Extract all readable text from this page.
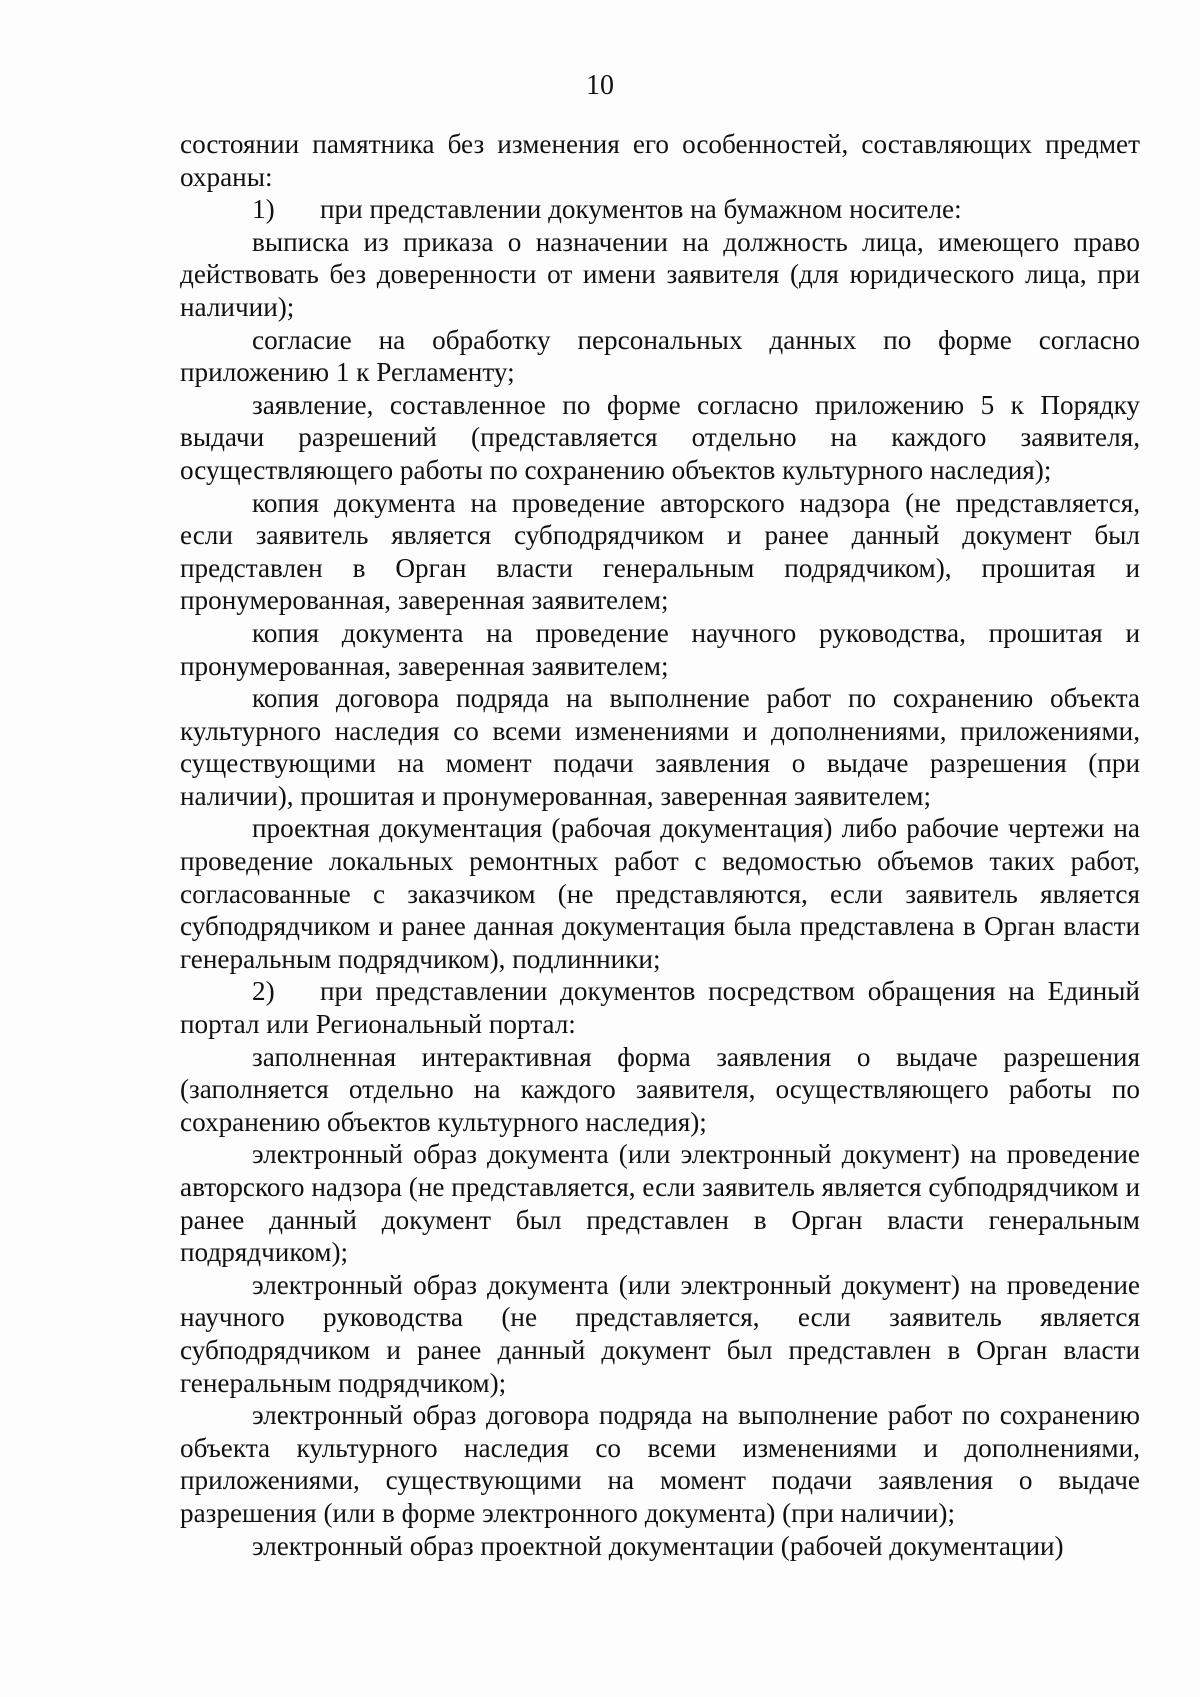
10

состоянии памятника без изменения его особенностей, составляющих предмет охраны:

1) при представлении документов на бумажном носителе:

выписка из приказа о назначении на должность лица, имеющего право действовать без доверенности от имени заявителя (для юридического лица, при наличии);

согласие на обработку персональных данных по форме согласно приложению 1 к Регламенту;

заявление, составленное по форме согласно приложению 5 к Порядку выдачи разрешений (представляется отдельно на каждого заявителя, осуществляющего работы по сохранению объектов культурного наследия);

копия документа на проведение авторского надзора (не представляется, если заявитель является субподрядчиком и ранее данный документ был представлен в Орган власти генеральным подрядчиком), прошитая и пронумерованная, заверенная заявителем;

копия документа на проведение научного руководства, прошитая и пронумерованная, заверенная заявителем;

копия договора подряда на выполнение работ по сохранению объекта культурного наследия со всеми изменениями и дополнениями, приложениями, существующими на момент подачи заявления о выдаче разрешения (при наличии), прошитая и пронумерованная, заверенная заявителем;

проектная документация (рабочая документация) либо рабочие чертежи на проведение локальных ремонтных работ с ведомостью объемов таких работ, согласованные с заказчиком (не представляются, если заявитель является субподрядчиком и ранее данная документация была представлена в Орган власти генеральным подрядчиком), подлинники;

2) при представлении документов посредством обращения на Единый портал или Региональный портал:

заполненная интерактивная форма заявления о выдаче разрешения (заполняется отдельно на каждого заявителя, осуществляющего работы по сохранению объектов культурного наследия);

электронный образ документа (или электронный документ) на проведение авторского надзора (не представляется, если заявитель является субподрядчиком и ранее данный документ был представлен в Орган власти генеральным подрядчиком);

электронный образ документа (или электронный документ) на проведение научного руководства (не представляется, если заявитель является субподрядчиком и ранее данный документ был представлен в Орган власти генеральным подрядчиком);

электронный образ договора подряда на выполнение работ по сохранению объекта культурного наследия со всеми изменениями и дополнениями, приложениями, существующими на момент подачи заявления о выдаче разрешения (или в форме электронного документа) (при наличии);

электронный образ проектной документации (рабочей документации)
